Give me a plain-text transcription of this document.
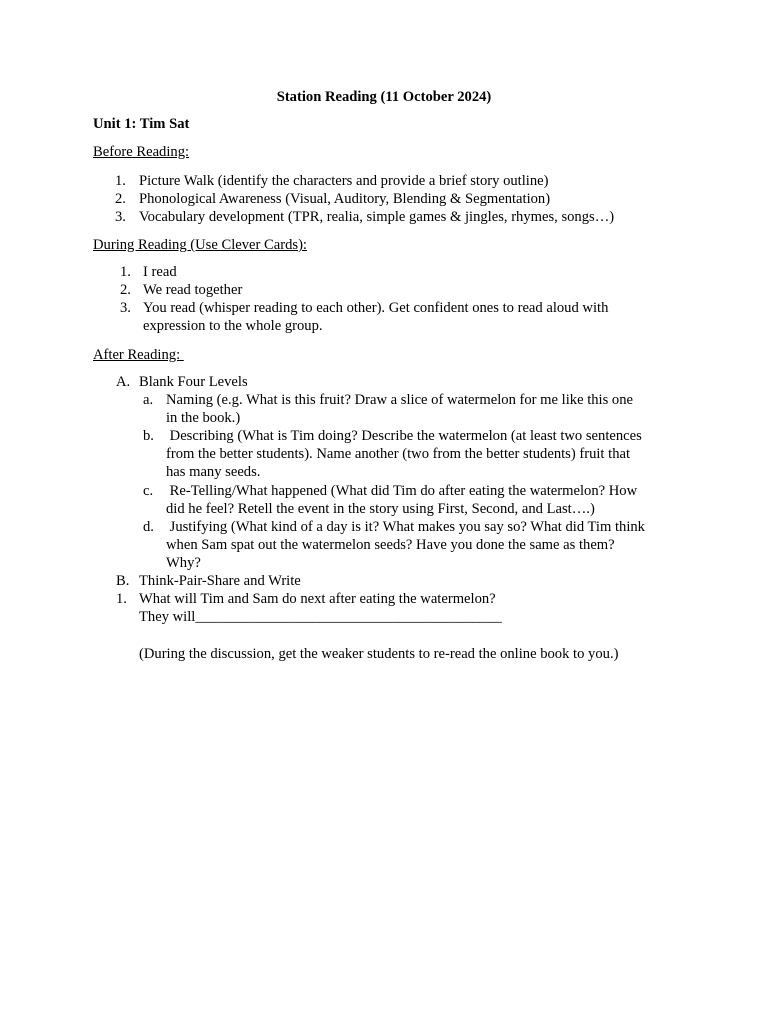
Station Reading (11 October 2024)
Unit 1: Tim Sat
Before Reading:
1. Picture Walk (identify the characters and provide a brief story outline)
2. Phonological Awareness (Visual, Auditory, Blending & Segmentation)
3. Vocabulary development (TPR, realia, simple games & jingles, rhymes, songs…)
During Reading (Use Clever Cards):
1. I read
2. We read together
3. You read (whisper reading to each other). Get confident ones to read aloud with
expression to the whole group.
After Reading:
A. Blank Four Levels
a. Naming (e.g. What is this fruit? Draw a slice of watermelon for me like this one
in the book.)
b. Describing (What is Tim doing? Describe the watermelon (at least two sentences
from the better students). Name another (two from the better students) fruit that
has many seeds.
c. Re-Telling/What happened (What did Tim do after eating the watermelon? How
did he feel? Retell the event in the story using First, Second, and Last….)
d. Justifying (What kind of a day is it? What makes you say so? What did Tim think
when Sam spat out the watermelon seeds? Have you done the same as them?
Why?
B. Think-Pair-Share and Write
1. What will Tim and Sam do next after eating the watermelon?
They will__________________________________________
(During the discussion, get the weaker students to re-read the online book to you.)
